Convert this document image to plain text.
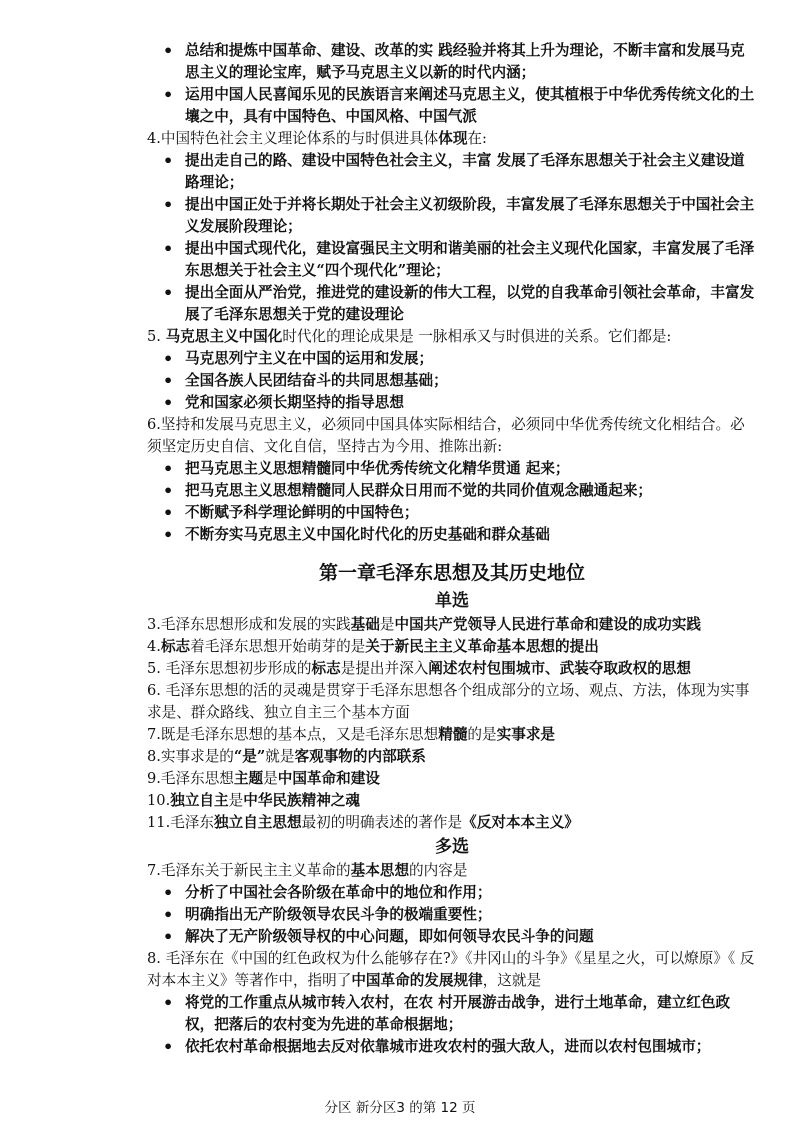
• 总结和提炼中国革命、建设、改革的实 践经验并将其上升为理论，不断丰富和发展马克思主义的理论宝库，赋予马克思主义以新的时代内涵；
• 运用中国人民喜闻乐见的民族语言来阐述马克思主义，使其植根于中华优秀传统文化的土壤之中，具有中国特色、中国风格、中国气派

4.中国特色社会主义理论体系的与时俱进具体体现在:

• 提出走自己的路、建设中国特色社会主义，丰富 发展了毛泽东思想关于社会主义建设道路理论；
• 提出中国正处于并将长期处于社会主义初级阶段，丰富发展了毛泽东思想关于中国社会主义发展阶段理论；
• 提出中国式现代化，建设富强民主文明和谐美丽的社会主义现代化国家，丰富发展了毛泽东思想关于社会主义“四个现代化”理论；
• 提出全面从严治党，推进党的建设新的伟大工程，以党的自我革命引领社会革命，丰富发展了毛泽东思想关于党的建设理论

5. 马克思主义中国化时代化的理论成果是 一脉相承又与时俱进的关系。它们都是:

• 马克思列宁主义在中国的运用和发展；
• 全国各族人民团结奋斗的共同思想基础；
• 党和国家必须长期坚持的指导思想

6.坚持和发展马克思主义，必须同中国具体实际相结合，必须同中华优秀传统文化相结合。必须坚定历史自信、文化自信，坚持古为今用、推陈出新:

• 把马克思主义思想精髓同中华优秀传统文化精华贯通 起来；
• 把马克思主义思想精髓同人民群众日用而不觉的共同价值观念融通起来；
• 不断赋予科学理论鲜明的中国特色；
• 不断夯实马克思主义中国化时代化的历史基础和群众基础
第一章毛泽东思想及其历史地位
单选

3.毛泽东思想形成和发展的实践基础是中国共产党领导人民进行革命和建设的成功实践

4.标志着毛泽东思想开始萌芽的是关于新民主主义革命基本思想的提出

5. 毛泽东思想初步形成的标志是提出并深入阐述农村包围城市、武装夺取政权的思想

6. 毛泽东思想的活的灵魂是贯穿于毛泽东思想各个组成部分的立场、观点、方法，体现为实事求是、群众路线、独立自主三个基本方面

7.既是毛泽东思想的基本点，又是毛泽东思想精髓的是实事求是

8.实事求是的“是”就是客观事物的内部联系

9.毛泽东思想主题是中国革命和建设

10.独立自主是中华民族精神之魂

11.毛泽东独立自主思想最初的明确表述的著作是《反对本本主义》

多选

7.毛泽东关于新民主主义革命的基本思想的内容是

• 分析了中国社会各阶级在革命中的地位和作用；
• 明确指出无产阶级领导农民斗争的极端重要性；
• 解决了无产阶级领导权的中心问题，即如何领导农民斗争的问题

8. 毛泽东在《中国的红色政权为什么能够存在?》《井冈山的斗争》《星星之火，可以燎原》《 反对本本主义》等著作中，指明了中国革命的发展规律，这就是

• 将党的工作重点从城市转入农村，在农 村开展游击战争，进行土地革命，建立红色政权，把落后的农村变为先进的革命根据地；
• 依托农村革命根据地去反对依靠城市进攻农村的强大敌人，进而以农村包围城市；
分区 新分区3 的第 12 页
